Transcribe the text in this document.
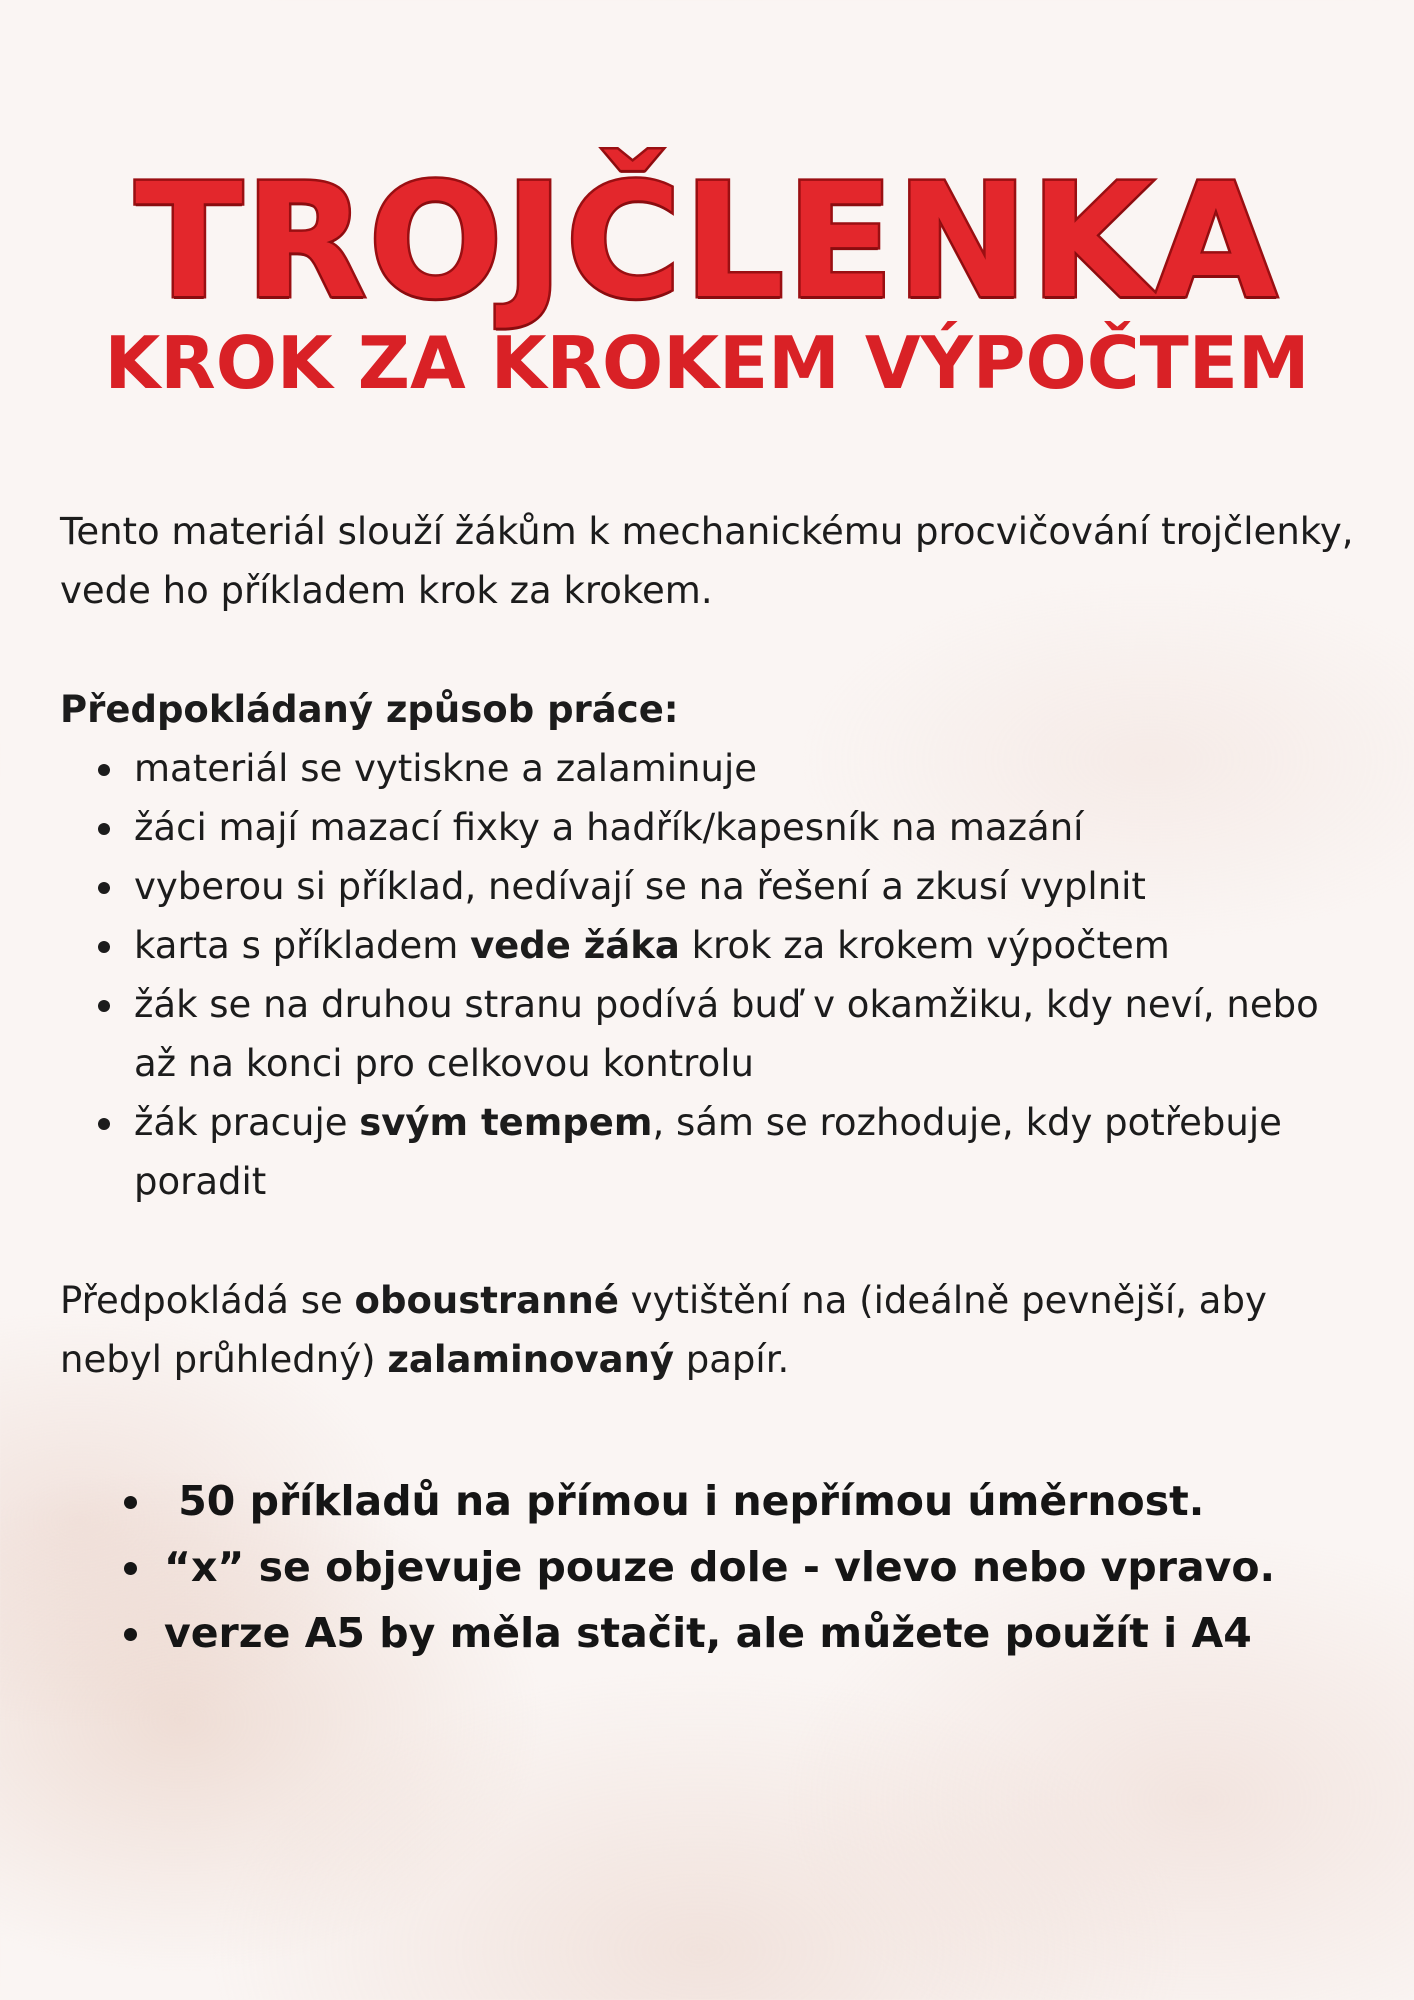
TROJČLENKA
KROK ZA KROKEM VÝPOČTEM

Tento materiál slouží žákům k mechanickému procvičování trojčlenky, vede ho příkladem krok za krokem.

Předpokládaný způsob práce:

materiál se vytiskne a zalaminuje
žáci mají mazací fixky a hadřík/kapesník na mazání
vyberou si příklad, nedívají se na řešení a zkusí vyplnit
karta s příkladem vede žáka krok za krokem výpočtem
žák se na druhou stranu podívá buď v okamžiku, kdy neví, nebo až na konci pro celkovou kontrolu
žák pracuje svým tempem, sám se rozhoduje, kdy potřebuje poradit

Předpokládá se oboustranné vytištění na (ideálně pevnější, aby nebyl průhledný) zalaminovaný papír.

50 příkladů na přímou i nepřímou úměrnost.
“x” se objevuje pouze dole - vlevo nebo vpravo.
verze A5 by měla stačit, ale můžete použít i A4
